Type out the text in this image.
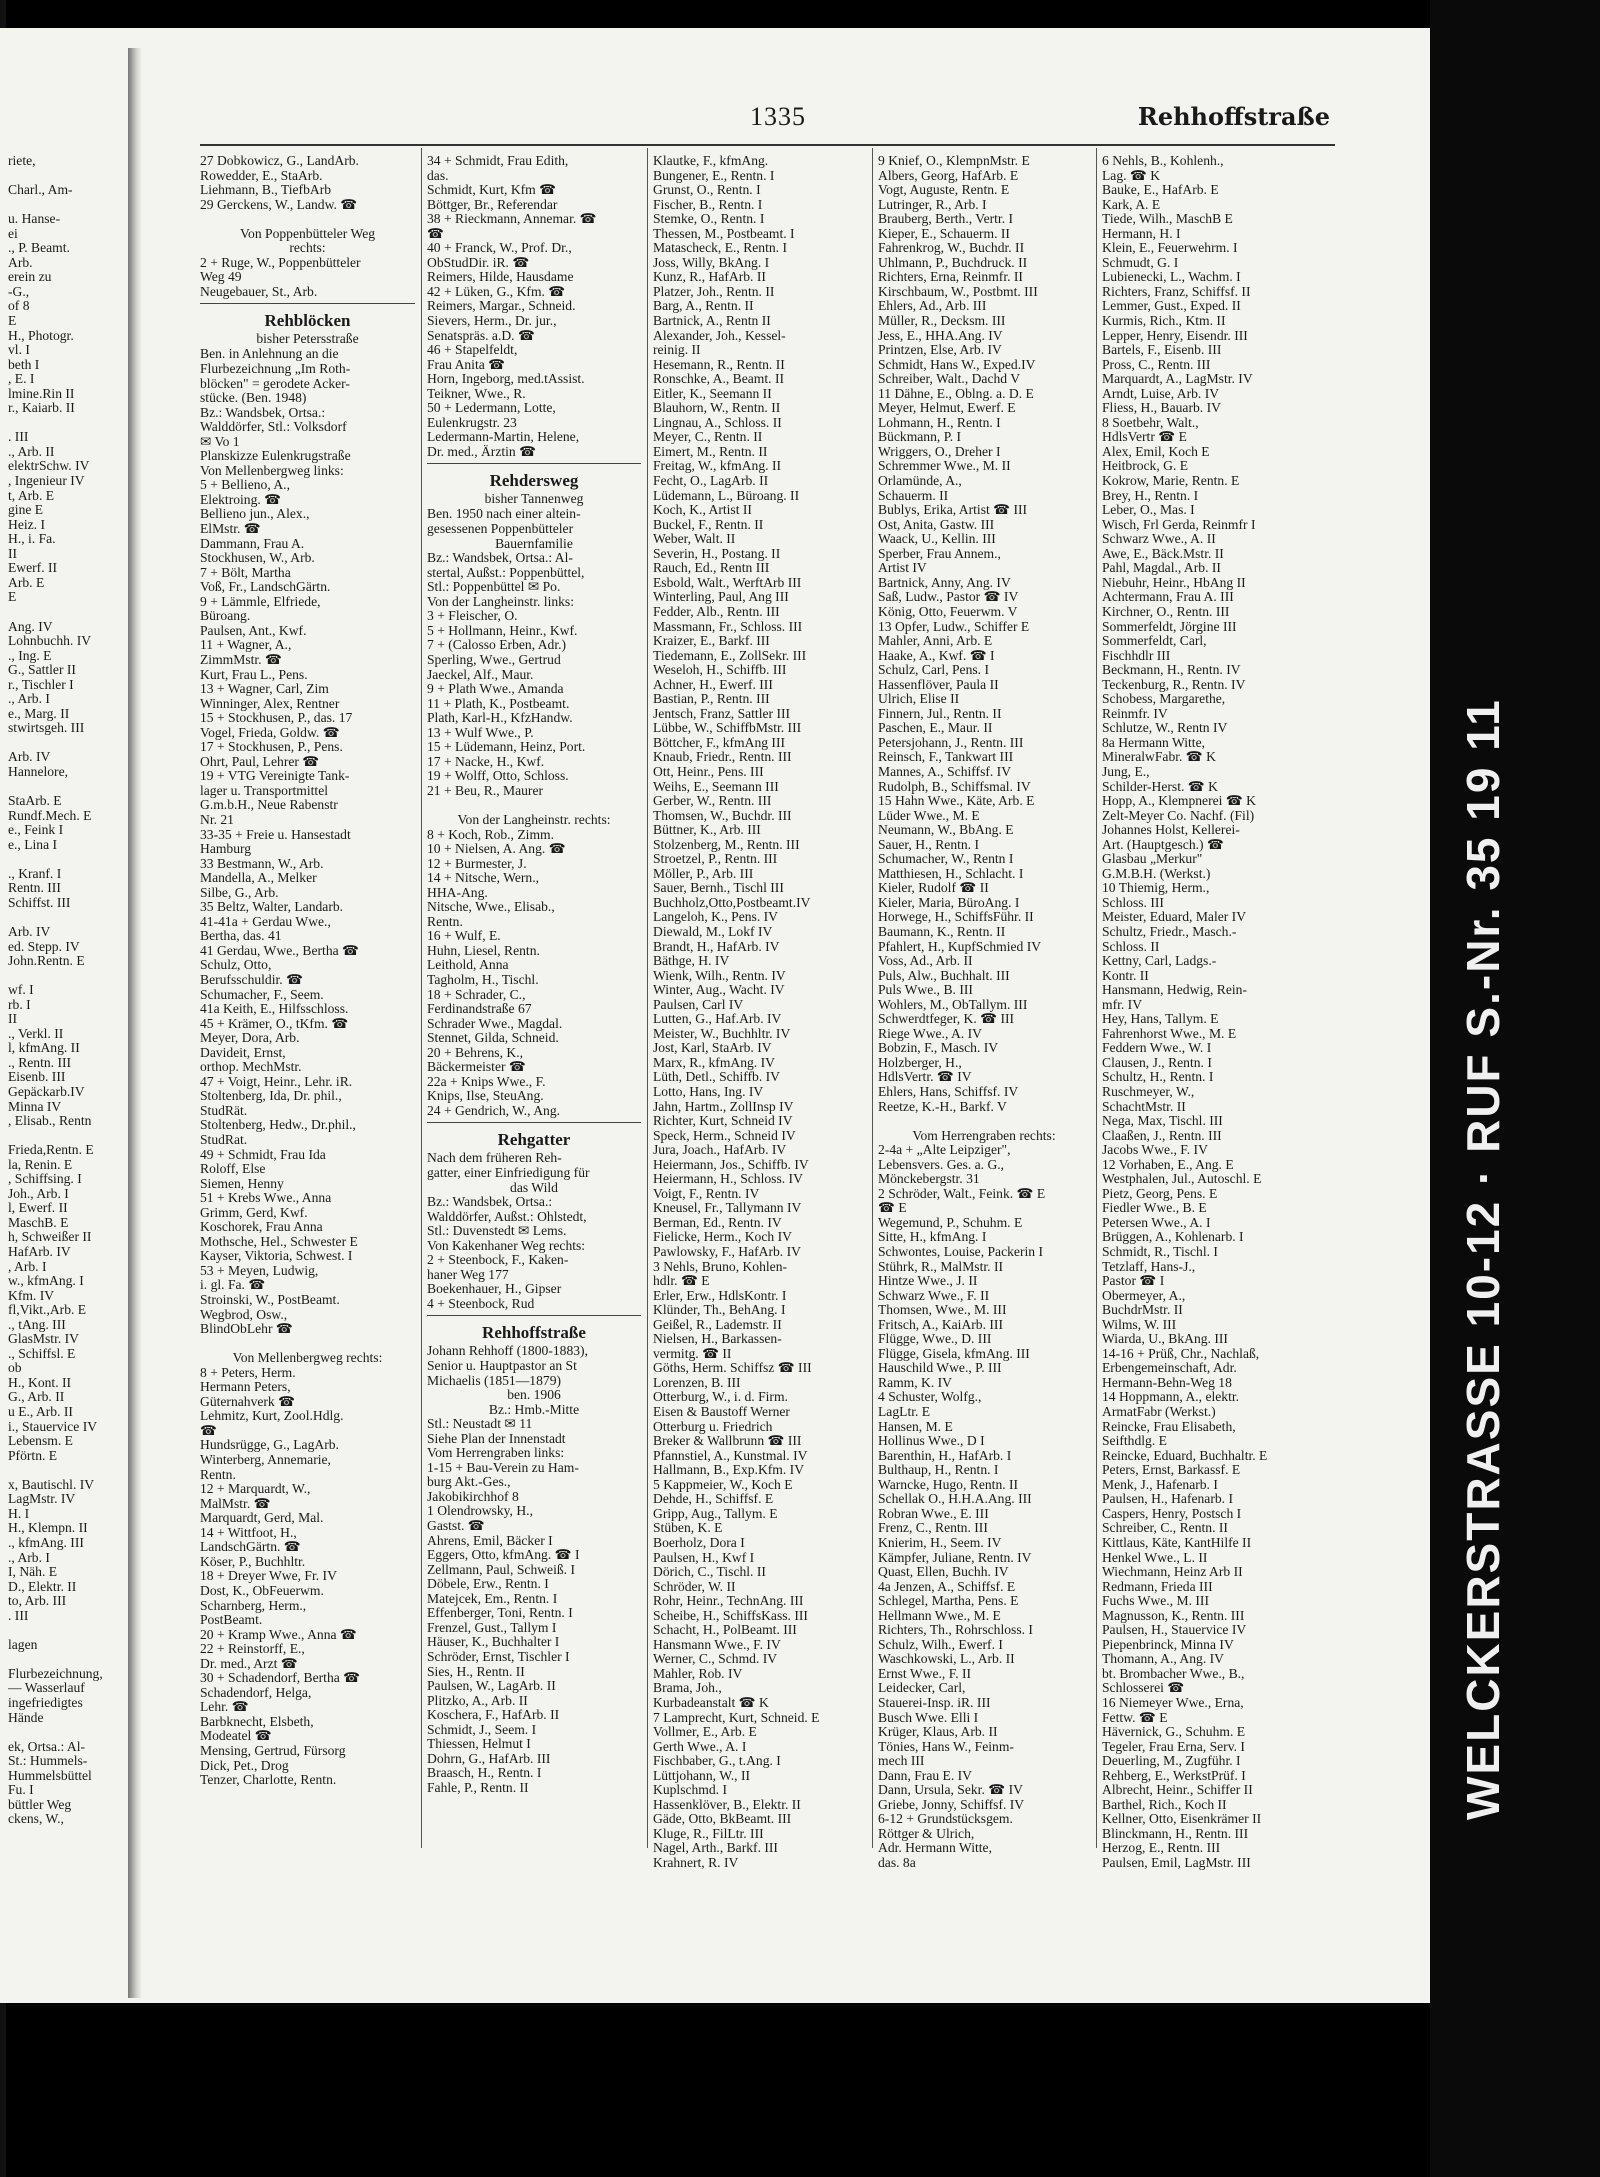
riete,
Charl., Am-
u. Hanse-
ei
., P. Beamt.
Arb.
erein zu
-G.,
of 8
E
H., Photogr.
vl. I
beth I
, E. I
lmine.Rin II
r., Kaiarb. II
. III
., Arb. II
elektrSchw. IV
, Ingenieur IV
t, Arb. E
gine E
Heiz. I
H., i. Fa.
II
Ewerf. II
Arb. E
E
Ang. IV
Lohnbuchh. IV
., Ing. E
G., Sattler II
r., Tischler I
., Arb. I
e., Marg. II
stwirtsgeh. III
Arb. IV
Hannelore,
StaArb. E
Rundf.Mech. E
e., Feink I
e., Lina I
., Kranf. I
Rentn. III
Schiffst. III
Arb. IV
ed. Stepp. IV
John.Rentn. E
wf. I
rb. I
II
., Verkl. II
l, kfmAng. II
., Rentn. III
Eisenb. III
Gepäckarb.IV
Minna IV
, Elisab., Rentn
Frieda,Rentn. E
la, Renin. E
, Schiffsing. I
Joh., Arb. I
l, Ewerf. II
MaschB. E
h, Schweißer II
HafArb. IV
, Arb. I
w., kfmAng. I
Kfm. IV
fl,Vikt.,Arb. E
., tAng. III
GlasMstr. IV
., Schiffsl. E
ob
H., Kont. II
G., Arb. II
u E., Arb. II
i., Stauervice IV
Lebensm. E
Pförtn. E
x, Bautischl. IV
LagMstr. IV
H. I
H., Klempn. II
., kfmAng. III
., Arb. I
I, Näh. E
D., Elektr. II
to, Arb. III
. III
lagen
Flurbezeichnung,
— Wasserlauf
ingefriedigtes
Hände
ek, Ortsa.: Al-
St.: Hummels-
Hummelsbüttel
Fu. I
büttler Weg
ckens, W.,
1335	Rehhoffstraße
27 Dobkowicz, G., LandArb.
Rowedder, E., StaArb.
Liehmann, B., TiefbArb
29 Gerckens, W., Landw. ☎
Von Poppenbütteler Weg
rechts:
2 + Ruge, W., Poppenbütteler
Weg 49
Neugebauer, St., Arb.
Rehblöcken
bisher Petersstraße
Ben. in Anlehnung an die
Flurbezeichnung „Im Roth-
blöcken" = gerodete Acker-
stücke. (Ben. 1948)
Bz.: Wandsbek, Ortsa.:
Walddörfer, Stl.: Volksdorf
✉ Vo 1
Planskizze Eulenkrugstraße
Von Mellenbergweg links:
5 + Bellieno, A.,
Elektroing. ☎
Bellieno jun., Alex.,
ElMstr. ☎
Dammann, Frau A.
Stockhusen, W., Arb.
7 + Bölt, Martha
Voß, Fr., LandschGärtn.
9 + Lämmle, Elfriede,
Büroang.
Paulsen, Ant., Kwf.
11 + Wagner, A.,
ZimmMstr. ☎
Kurt, Frau L., Pens.
13 + Wagner, Carl, Zim
Winninger, Alex, Rentner
15 + Stockhusen, P., das. 17
Vogel, Frieda, Goldw. ☎
17 + Stockhusen, P., Pens.
Ohrt, Paul, Lehrer ☎
19 + VTG Vereinigte Tank-
lager u. Transportmittel
G.m.b.H., Neue Rabenstr
Nr. 21
33-35 + Freie u. Hansestadt
Hamburg
33 Bestmann, W., Arb.
Mandella, A., Melker
Silbe, G., Arb.
35 Beltz, Walter, Landarb.
41-41a + Gerdau Wwe.,
Bertha, das. 41
41 Gerdau, Wwe., Bertha ☎
Schulz, Otto,
Berufsschuldir. ☎
Schumacher, F., Seem.
41a Keith, E., Hilfsschloss.
45 + Krämer, O., tKfm. ☎
Meyer, Dora, Arb.
Davideit, Ernst,
orthop. MechMstr.
47 + Voigt, Heinr., Lehr. iR.
Stoltenberg, Ida, Dr. phil.,
StudRät.
Stoltenberg, Hedw., Dr.phil.,
StudRat.
49 + Schmidt, Frau Ida
Roloff, Else
Siemen, Henny
51 + Krebs Wwe., Anna
Grimm, Gerd, Kwf.
Koschorek, Frau Anna
Mothsche, Hel., Schwester E
Kayser, Viktoria, Schwest. I
53 + Meyen, Ludwig,
i. gl. Fa. ☎
Stroinski, W., PostBeamt.
Wegbrod, Osw.,
BlindObLehr ☎
Von Mellenbergweg rechts:
8 + Peters, Herm.
Hermann Peters,
Güternahverk ☎
Lehmitz, Kurt, Zool.Hdlg.
☎
Hundsrügge, G., LagArb.
Winterberg, Annemarie,
Rentn.
12 + Marquardt, W.,
MalMstr. ☎
Marquardt, Gerd, Mal.
14 + Wittfoot, H.,
LandschGärtn. ☎
Köser, P., Buchhltr.
18 + Dreyer Wwe, Fr. IV
Dost, K., ObFeuerwm.
Scharnberg, Herm.,
PostBeamt.
20 + Kramp Wwe., Anna ☎
22 + Reinstorff, E.,
Dr. med., Arzt ☎
30 + Schadendorf, Bertha ☎
Schadendorf, Helga,
Lehr. ☎
Barbknecht, Elsbeth,
Modeatel ☎
Mensing, Gertrud, Fürsorg
Dick, Pet., Drog
Tenzer, Charlotte, Rentn.
34 + Schmidt, Frau Edith,
das.
Schmidt, Kurt, Kfm ☎
Böttger, Br., Referendar
38 + Rieckmann, Annemar. ☎
☎
40 + Franck, W., Prof. Dr.,
ObStudDir. iR. ☎
Reimers, Hilde, Hausdame
42 + Lüken, G., Kfm. ☎
Reimers, Margar., Schneid.
Sievers, Herm., Dr. jur.,
Senatspräs. a.D. ☎
46 + Stapelfeldt,
Frau Anita ☎
Horn, Ingeborg, med.tAssist.
Teikner, Wwe., R.
50 + Ledermann, Lotte,
Eulenkrugstr. 23
Ledermann-Martin, Helene,
Dr. med., Ärztin ☎
Rehdersweg
bisher Tannenweg
Ben. 1950 nach einer altein-
gesessenen Poppenbütteler
Bauernfamilie
Bz.: Wandsbek, Ortsa.: Al-
stertal, Außst.: Poppenbüttel,
Stl.: Poppenbüttel ✉ Po.
Von der Langheinstr. links:
3 + Fleischer, O.
5 + Hollmann, Heinr., Kwf.
7 + (Calosso Erben, Adr.)
Sperling, Wwe., Gertrud
Jaeckel, Alf., Maur.
9 + Plath Wwe., Amanda
11 + Plath, K., Postbeamt.
Plath, Karl-H., KfzHandw.
13 + Wulf Wwe., P.
15 + Lüdemann, Heinz, Port.
17 + Nacke, H., Kwf.
19 + Wolff, Otto, Schloss.
21 + Beu, R., Maurer
Von der Langheinstr. rechts:
8 + Koch, Rob., Zimm.
10 + Nielsen, A. Ang. ☎
12 + Burmester, J.
14 + Nitsche, Wern.,
HHA-Ang.
Nitsche, Wwe., Elisab.,
Rentn.
16 + Wulf, E.
Huhn, Liesel, Rentn.
Leithold, Anna
Tagholm, H., Tischl.
18 + Schrader, C.,
Ferdinandstraße 67
Schrader Wwe., Magdal.
Stennet, Gilda, Schneid.
20 + Behrens, K.,
Bäckermeister ☎
22a + Knips Wwe., F.
Knips, Ilse, SteuAng.
24 + Gendrich, W., Ang.
Rehgatter
Nach dem früheren Reh-
gatter, einer Einfriedigung für
das Wild
Bz.: Wandsbek, Ortsa.:
Walddörfer, Außst.: Ohlstedt,
Stl.: Duvenstedt ✉ Lems.
Von Kakenhaner Weg rechts:
2 + Steenbock, F., Kaken-
haner Weg 177
Boekenhauer, H., Gipser
4 + Steenbock, Rud
Rehhoffstraße
Johann Rehhoff (1800-1883),
Senior u. Hauptpastor an St
Michaelis (1851—1879)
ben. 1906
Bz.: Hmb.-Mitte
Stl.: Neustadt ✉ 11
Siehe Plan der Innenstadt
Vom Herrengraben links:
1-15 + Bau-Verein zu Ham-
burg Akt.-Ges.,
Jakobikirchhof 8
1 Olendrowsky, H.,
Gastst. ☎
Ahrens, Emil, Bäcker I
Eggers, Otto, kfmAng. ☎ I
Zellmann, Paul, Schweiß. I
Döbele, Erw., Rentn. I
Matejcek, Em., Rentn. I
Effenberger, Toni, Rentn. I
Frenzel, Gust., Tallym I
Häuser, K., Buchhalter I
Schröder, Ernst, Tischler I
Sies, H., Rentn. II
Paulsen, W., LagArb. II
Plitzko, A., Arb. II
Koschera, F., HafArb. II
Schmidt, J., Seem. I
Thiessen, Helmut I
Dohrn, G., HafArb. III
Braasch, H., Rentn. I
Fahle, P., Rentn. II
Klautke, F., kfmAng.
Bungener, E., Rentn. I
Grunst, O., Rentn. I
Fischer, B., Rentn. I
Stemke, O., Rentn. I
Thessen, M., Postbeamt. I
Matascheck, E., Rentn. I
Joss, Willy, BkAng. I
Kunz, R., HafArb. II
Platzer, Joh., Rentn. II
Barg, A., Rentn. II
Bartnick, A., Rentn II
Alexander, Joh., Kessel-
reinig. II
Hesemann, R., Rentn. II
Ronschke, A., Beamt. II
Eitler, K., Seemann II
Blauhorn, W., Rentn. II
Lingnau, A., Schloss. II
Meyer, C., Rentn. II
Eimert, M., Rentn. II
Freitag, W., kfmAng. II
Fecht, O., LagArb. II
Lüdemann, L., Büroang. II
Koch, K., Artist II
Buckel, F., Rentn. II
Weber, Walt. II
Severin, H., Postang. II
Rauch, Ed., Rentn III
Esbold, Walt., WerftArb III
Winterling, Paul, Ang III
Fedder, Alb., Rentn. III
Massmann, Fr., Schloss. III
Kraizer, E., Barkf. III
Tiedemann, E., ZollSekr. III
Weseloh, H., Schiffb. III
Achner, H., Ewerf. III
Bastian, P., Rentn. III
Jentsch, Franz, Sattler III
Lübbe, W., SchiffbMstr. III
Böttcher, F., kfmAng III
Knaub, Friedr., Rentn. III
Ott, Heinr., Pens. III
Weihs, E., Seemann III
Gerber, W., Rentn. III
Thomsen, W., Buchdr. III
Büttner, K., Arb. III
Stolzenberg, M., Rentn. III
Stroetzel, P., Rentn. III
Möller, P., Arb. III
Sauer, Bernh., Tischl III
Buchholz,Otto,Postbeamt.IV
Langeloh, K., Pens. IV
Diewald, M., Lokf IV
Brandt, H., HafArb. IV
Bäthge, H. IV
Wienk, Wilh., Rentn. IV
Winter, Aug., Wacht. IV
Paulsen, Carl IV
Lutten, G., Haf.Arb. IV
Meister, W., Buchhltr. IV
Jost, Karl, StaArb. IV
Marx, R., kfmAng. IV
Lüth, Detl., Schiffb. IV
Lotto, Hans, Ing. IV
Jahn, Hartm., ZollInsp IV
Richter, Kurt, Schneid IV
Speck, Herm., Schneid IV
Jura, Joach., HafArb. IV
Heiermann, Jos., Schiffb. IV
Heiermann, H., Schloss. IV
Voigt, F., Rentn. IV
Kneusel, Fr., Tallymann IV
Berman, Ed., Rentn. IV
Fielicke, Herm., Koch IV
Pawlowsky, F., HafArb. IV
3 Nehls, Bruno, Kohlen-
hdlr. ☎ E
Erler, Erw., HdlsKontr. I
Klünder, Th., BehAng. I
Geißel, R., Lademstr. II
Nielsen, H., Barkassen-
vermitg. ☎ II
Göths, Herm. Schiffsz ☎ III
Lorenzen, B. III
Otterburg, W., i. d. Firm.
Eisen & Baustoff Werner
Otterburg u. Friedrich
Breker & Wallbrunn ☎ III
Pfannstiel, A., Kunstmal. IV
Hallmann, B., Exp.Kfm. IV
5 Kappmeier, W., Koch E
Dehde, H., Schiffsf. E
Gripp, Aug., Tallym. E
Stüben, K. E
Boerholz, Dora I
Paulsen, H., Kwf I
Dörich, C., Tischl. II
Schröder, W. II
Rohr, Heinr., TechnAng. III
Scheibe, H., SchiffsKass. III
Schacht, H., PolBeamt. III
Hansmann Wwe., F. IV
Werner, C., Schmd. IV
Mahler, Rob. IV
Brama, Joh.,
Kurbadeanstalt ☎ K
7 Lamprecht, Kurt, Schneid. E
Vollmer, E., Arb. E
Gerth Wwe., A. I
Fischbaber, G., t.Ang. I
Lüttjohann, W., II
Kuplschmd. I
Hassenklöver, B., Elektr. II
Gäde, Otto, BkBeamt. III
Kluge, R., FilLtr. III
Nagel, Arth., Barkf. III
Krahnert, R. IV
9 Knief, O., KlempnMstr. E
Albers, Georg, HafArb. E
Vogt, Auguste, Rentn. E
Lutringer, R., Arb. I
Brauberg, Berth., Vertr. I
Kieper, E., Schauerm. II
Fahrenkrog, W., Buchdr. II
Uhlmann, P., Buchdruck. II
Richters, Erna, Reinmfr. II
Kirschbaum, W., Postbmt. III
Ehlers, Ad., Arb. III
Müller, R., Decksm. III
Jess, E., HHA.Ang. IV
Printzen, Else, Arb. IV
Schmidt, Hans W., Exped.IV
Schreiber, Walt., Dachd V
11 Dähne, E., Oblng. a. D. E
Meyer, Helmut, Ewerf. E
Lohmann, H., Rentn. I
Bückmann, P. I
Wriggers, O., Dreher I
Schremmer Wwe., M. II
Orlamünde, A.,
Schauerm. II
Bublys, Erika, Artist ☎ III
Ost, Anita, Gastw. III
Waack, U., Kellin. III
Sperber, Frau Annem.,
Artist IV
Bartnick, Anny, Ang. IV
Saß, Ludw., Pastor ☎ IV
König, Otto, Feuerwm. V
13 Opfer, Ludw., Schiffer E
Mahler, Anni, Arb. E
Haake, A., Kwf. ☎ I
Schulz, Carl, Pens. I
Hassenflöver, Paula II
Ulrich, Elise II
Finnern, Jul., Rentn. II
Paschen, E., Maur. II
Petersjohann, J., Rentn. III
Reinsch, F., Tankwart III
Mannes, A., Schiffsf. IV
Rudolph, B., Schiffsmal. IV
15 Hahn Wwe., Käte, Arb. E
Lüder Wwe., M. E
Neumann, W., BbAng. E
Sauer, H., Rentn. I
Schumacher, W., Rentn I
Matthiesen, H., Schlacht. I
Kieler, Rudolf ☎ II
Kieler, Maria, BüroAng. I
Horwege, H., SchiffsFühr. II
Baumann, K., Rentn. II
Pfahlert, H., KupfSchmied IV
Voss, Ad., Arb. II
Puls, Alw., Buchhalt. III
Puls Wwe., B. III
Wohlers, M., ObTallym. III
Schwerdtfeger, K. ☎ III
Riege Wwe., A. IV
Bobzin, F., Masch. IV
Holzberger, H.,
HdlsVertr. ☎ IV
Ehlers, Hans, Schiffsf. IV
Reetze, K.-H., Barkf. V
Vom Herrengraben rechts:
2-4a + „Alte Leipziger",
Lebensvers. Ges. a. G.,
Mönckebergstr. 31
2 Schröder, Walt., Feink. ☎ E
☎ E
Wegemund, P., Schuhm. E
Sitte, H., kfmAng. I
Schwontes, Louise, Packerin I
Stührk, R., MalMstr. II
Hintze Wwe., J. II
Schwarz Wwe., F. II
Thomsen, Wwe., M. III
Fritsch, A., KaiArb. III
Flügge, Wwe., D. III
Flügge, Gisela, kfmAng. III
Hauschild Wwe., P. III
Ramm, K. IV
4 Schuster, Wolfg.,
LagLtr. E
Hansen, M. E
Hollinus Wwe., D I
Barenthin, H., HafArb. I
Bulthaup, H., Rentn. I
Warncke, Hugo, Rentn. II
Schellak O., H.H.A.Ang. III
Robran Wwe., E. III
Frenz, C., Rentn. III
Knierim, H., Seem. IV
Kämpfer, Juliane, Rentn. IV
Quast, Ellen, Buchh. IV
4a Jenzen, A., Schiffsf. E
Schlegel, Martha, Pens. E
Hellmann Wwe., M. E
Richters, Th., Rohrschloss. I
Schulz, Wilh., Ewerf. I
Waschkowski, L., Arb. II
Ernst Wwe., F. II
Leidecker, Carl,
Stauerei-Insp. iR. III
Busch Wwe. Elli I
Krüger, Klaus, Arb. II
Tönies, Hans W., Feinm-
mech III
Dann, Frau E. IV
Dann, Ursula, Sekr. ☎ IV
Griebe, Jonny, Schiffsf. IV
6-12 + Grundstücksgem.
Röttger & Ulrich,
Adr. Hermann Witte,
das. 8a
6 Nehls, B., Kohlenh.,
Lag. ☎ K
Bauke, E., HafArb. E
Kark, A. E
Tiede, Wilh., MaschB E
Hermann, H. I
Klein, E., Feuerwehrm. I
Schmudt, G. I
Lubienecki, L., Wachm. I
Richters, Franz, Schiffsf. II
Lemmer, Gust., Exped. II
Kurmis, Rich., Ktm. II
Lepper, Henry, Eisendr. III
Bartels, F., Eisenb. III
Pross, C., Rentn. III
Marquardt, A., LagMstr. IV
Arndt, Luise, Arb. IV
Fliess, H., Bauarb. IV
8 Soetbehr, Walt.,
HdlsVertr ☎ E
Alex, Emil, Koch E
Heitbrock, G. E
Kokrow, Marie, Rentn. E
Brey, H., Rentn. I
Leber, O., Mas. I
Wisch, Frl Gerda, Reinmfr I
Schwarz Wwe., A. II
Awe, E., Bäck.Mstr. II
Pahl, Magdal., Arb. II
Niebuhr, Heinr., HbAng II
Achtermann, Frau A. III
Kirchner, O., Rentn. III
Sommerfeldt, Jörgine III
Sommerfeldt, Carl,
Fischhdlr III
Beckmann, H., Rentn. IV
Teckenburg, R., Rentn. IV
Schobess, Margarethe,
Reinmfr. IV
Schlutze, W., Rentn IV
8a Hermann Witte,
MineralwFabr. ☎ K
Jung, E.,
Schilder-Herst. ☎ K
Hopp, A., Klempnerei ☎ K
Zelt-Meyer Co. Nachf. (Fil)
Johannes Holst, Kellerei-
Art. (Hauptgesch.) ☎
Glasbau „Merkur"
G.M.B.H. (Werkst.)
10 Thiemig, Herm.,
Schloss. III
Meister, Eduard, Maler IV
Schultz, Friedr., Masch.-
Schloss. II
Kettny, Carl, Ladgs.-
Kontr. II
Hansmann, Hedwig, Rein-
mfr. IV
Hey, Hans, Tallym. E
Fahrenhorst Wwe., M. E
Feddern Wwe., W. I
Clausen, J., Rentn. I
Schultz, H., Rentn. I
Ruschmeyer, W.,
SchachtMstr. II
Nega, Max, Tischl. III
Claaßen, J., Rentn. III
Jacobs Wwe., F. IV
12 Vorhaben, E., Ang. E
Westphalen, Jul., Autoschl. E
Pietz, Georg, Pens. E
Fiedler Wwe., B. E
Petersen Wwe., A. I
Brüggen, A., Kohlenarb. I
Schmidt, R., Tischl. I
Tetzlaff, Hans-J.,
Pastor ☎ I
Obermeyer, A.,
BuchdrMstr. II
Wilms, W. III
Wiarda, U., BkAng. III
14-16 + Prüß, Chr., Nachlaß,
Erbengemeinschaft, Adr.
Hermann-Behn-Weg 18
14 Hoppmann, A., elektr.
ArmatFabr (Werkst.)
Reincke, Frau Elisabeth,
Seifthdlg. E
Reincke, Eduard, Buchhaltr. E
Peters, Ernst, Barkassf. E
Menk, J., Hafenarb. I
Paulsen, H., Hafenarb. I
Caspers, Henry, Postsch I
Schreiber, C., Rentn. II
Kittlaus, Käte, KantHilfe II
Henkel Wwe., L. II
Wiechmann, Heinz Arb II
Redmann, Frieda III
Fuchs Wwe., M. III
Magnusson, K., Rentn. III
Paulsen, H., Stauervice IV
Piepenbrinck, Minna IV
Thomann, A., Ang. IV
bt. Brombacher Wwe., B.,
Schlosserei ☎
16 Niemeyer Wwe., Erna,
Fettw. ☎ E
Hävernick, G., Schuhm. E
Tegeler, Frau Erna, Serv. I
Deuerling, M., Zugführ. I
Rehberg, E., WerkstPrüf. I
Albrecht, Heinr., Schiffer II
Barthel, Rich., Koch II
Kellner, Otto, Eisenkrämer II
Blinckmann, H., Rentn. III
Herzog, E., Rentn. III
Paulsen, Emil, LagMstr. III
WELCKERSTRASSE 10-12 · RUF S.-Nr. 35 19 11
